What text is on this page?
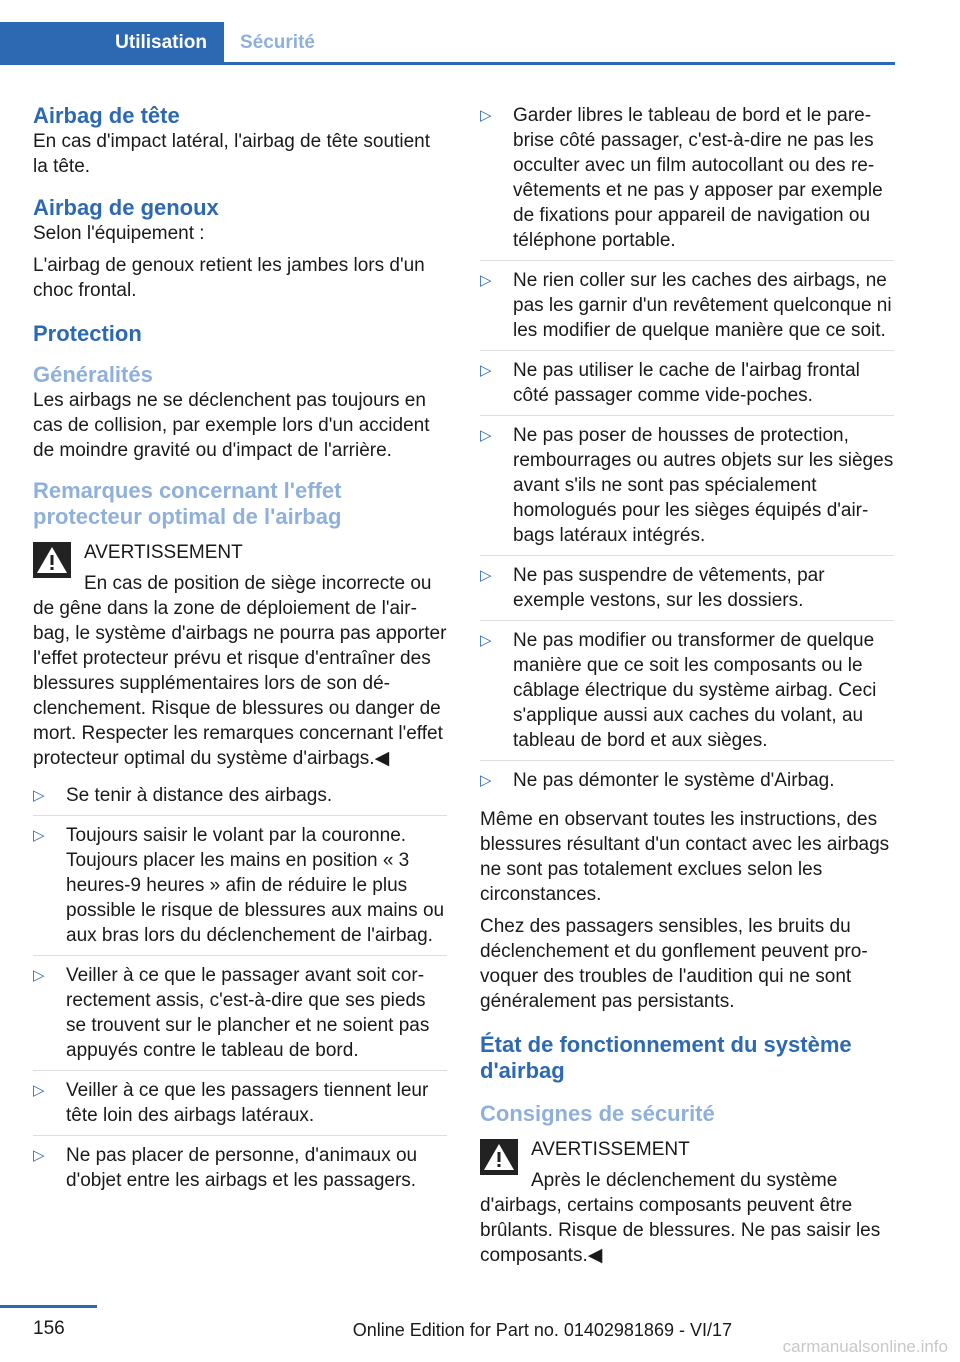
Utilisation	Sécurité
Airbag de tête

En cas d'impact latéral, l'airbag de tête soutient la tête.

Airbag de genoux

Selon l'équipement :

L'airbag de genoux retient les jambes lors d'un choc frontal.

Protection
Généralités

Les airbags ne se déclenchent pas toujours en cas de collision, par exemple lors d'un accident de moindre gravité ou d'impact de l'arrière.

Remarques concernant l'effet protecteur optimal de l'airbag
AVERTISSEMENT

En cas de position de siège incorrecte ou de gêne dans la zone de déploiement de l'airbag, le système d'airbags ne pourra pas apporter l'effet protecteur prévu et risque d'entraîner des blessures supplémentaires lors de son déclenchement. Risque de blessures ou danger de mort. Respecter les remarques concernant l'effet protecteur optimal du système d'airbags.◀

▷ Se tenir à distance des airbags.
▷ Toujours saisir le volant par la couronne. Toujours placer les mains en position « 3 heures-9 heures » afin de réduire le plus possible le risque de blessures aux mains ou aux bras lors du déclenchement de l'airbag.
▷ Veiller à ce que le passager avant soit correctement assis, c'est-à-dire que ses pieds se trouvent sur le plancher et ne soient pas appuyés contre le tableau de bord.
▷ Veiller à ce que les passagers tiennent leur tête loin des airbags latéraux.
▷ Ne pas placer de personne, d'animaux ou d'objet entre les airbags et les passagers.
▷ Garder libres le tableau de bord et le pare-brise côté passager, c'est-à-dire ne pas les occulter avec un film autocollant ou des revêtements et ne pas y apposer par exemple de fixations pour appareil de navigation ou téléphone portable.
▷ Ne rien coller sur les caches des airbags, ne pas les garnir d'un revêtement quelconque ni les modifier de quelque manière que ce soit.
▷ Ne pas utiliser le cache de l'airbag frontal côté passager comme vide-poches.
▷ Ne pas poser de housses de protection, rembourrages ou autres objets sur les sièges avant s'ils ne sont pas spécialement homologués pour les sièges équipés d'airbags latéraux intégrés.
▷ Ne pas suspendre de vêtements, par exemple vestons, sur les dossiers.
▷ Ne pas modifier ou transformer de quelque manière que ce soit les composants ou le câblage électrique du système airbag. Ceci s'applique aussi aux caches du volant, au tableau de bord et aux sièges.
▷ Ne pas démonter le système d'Airbag.

Même en observant toutes les instructions, des blessures résultant d'un contact avec les airbags ne sont pas totalement exclues selon les circonstances.

Chez des passagers sensibles, les bruits du déclenchement et du gonflement peuvent provoquer des troubles de l'audition qui ne sont généralement pas persistants.

État de fonctionnement du système d'airbag
Consignes de sécurité
AVERTISSEMENT

Après le déclenchement du système d'airbags, certains composants peuvent être brûlants. Risque de blessures. Ne pas saisir les composants.◀

156	Online Edition for Part no. 01402981869 - VI/17
carmanualsonline.info
